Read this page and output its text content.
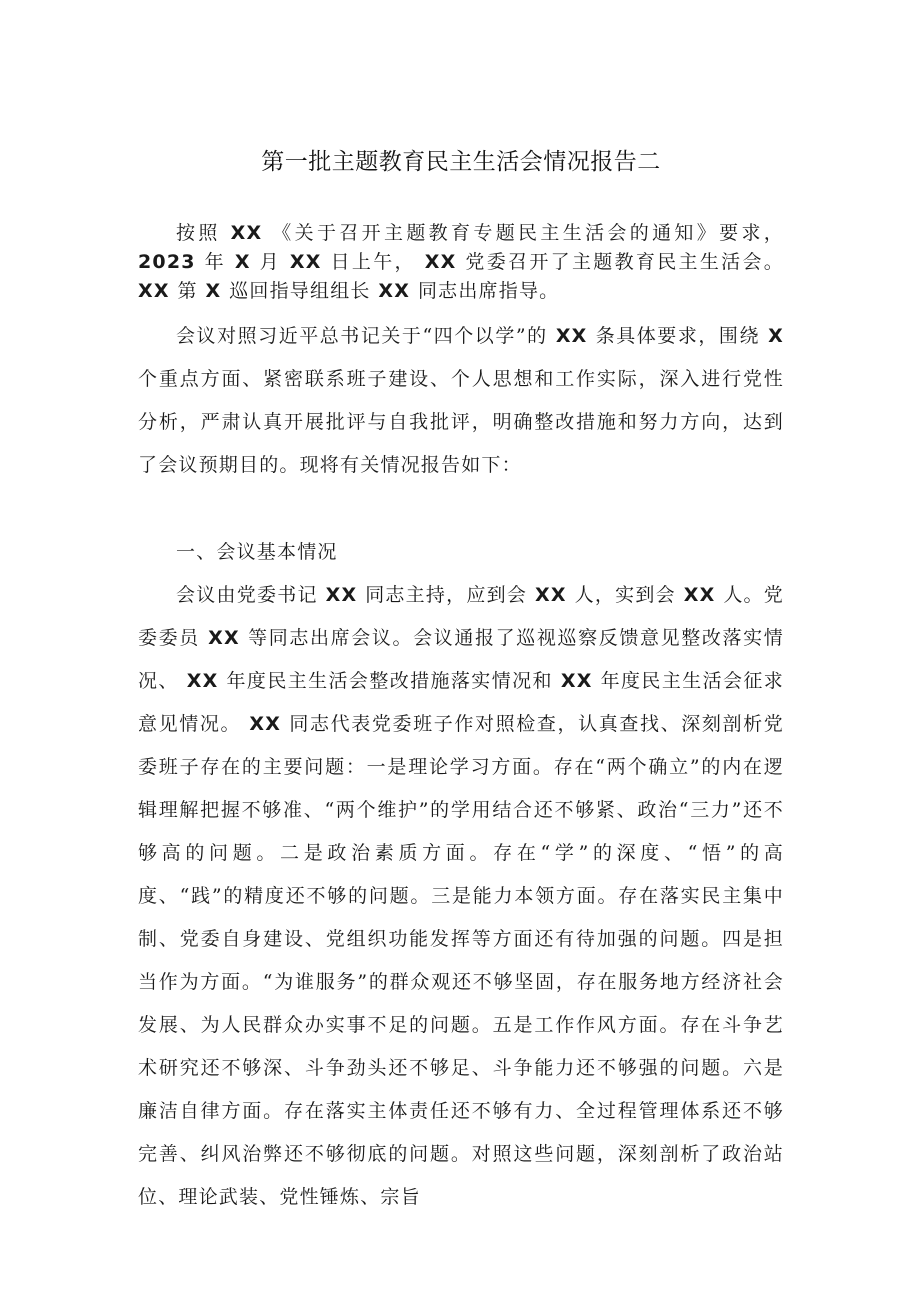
第一批主题教育民主生活会情况报告二

按照 XX 《关于召开主题教育专题民主生活会的通知》要求， 2023 年 X 月 XX 日上午， XX 党委召开了主题教育民主生活会。 XX 第 X 巡回指导组组长 XX 同志出席指导。

会议对照习近平总书记关于“四个以学”的 XX 条具体要求，围绕 X 个重点方面、紧密联系班子建设、个人思想和工作实际，深入进行党性分析，严肃认真开展批评与自我批评，明确整改措施和努力方向，达到了会议预期目的。现将有关情况报告如下：

一、会议基本情况

会议由党委书记 XX 同志主持，应到会 XX 人，实到会 XX 人。党委委员 XX 等同志出席会议。会议通报了巡视巡察反馈意见整改落实情况、 XX 年度民主生活会整改措施落实情况和 XX 年度民主生活会征求意见情况。 XX 同志代表党委班子作对照检查，认真查找、深刻剖析党委班子存在的主要问题：一是理论学习方面。存在“两个确立”的内在逻辑理解把握不够准、“两个维护”的学用结合还不够紧、政治“三力”还不够高的问题。二是政治素质方面。存在“学”的深度、“悟”的高度、“践”的精度还不够的问题。三是能力本领方面。存在落实民主集中制、党委自身建设、党组织功能发挥等方面还有待加强的问题。四是担当作为方面。“为谁服务”的群众观还不够坚固，存在服务地方经济社会发展、为人民群众办实事不足的问题。五是工作作风方面。存在斗争艺术研究还不够深、斗争劲头还不够足、斗争能力还不够强的问题。六是廉洁自律方面。存在落实主体责任还不够有力、全过程管理体系还不够完善、纠风治弊还不够彻底的问题。对照这些问题，深刻剖析了政治站位、理论武装、党性锤炼、宗旨
